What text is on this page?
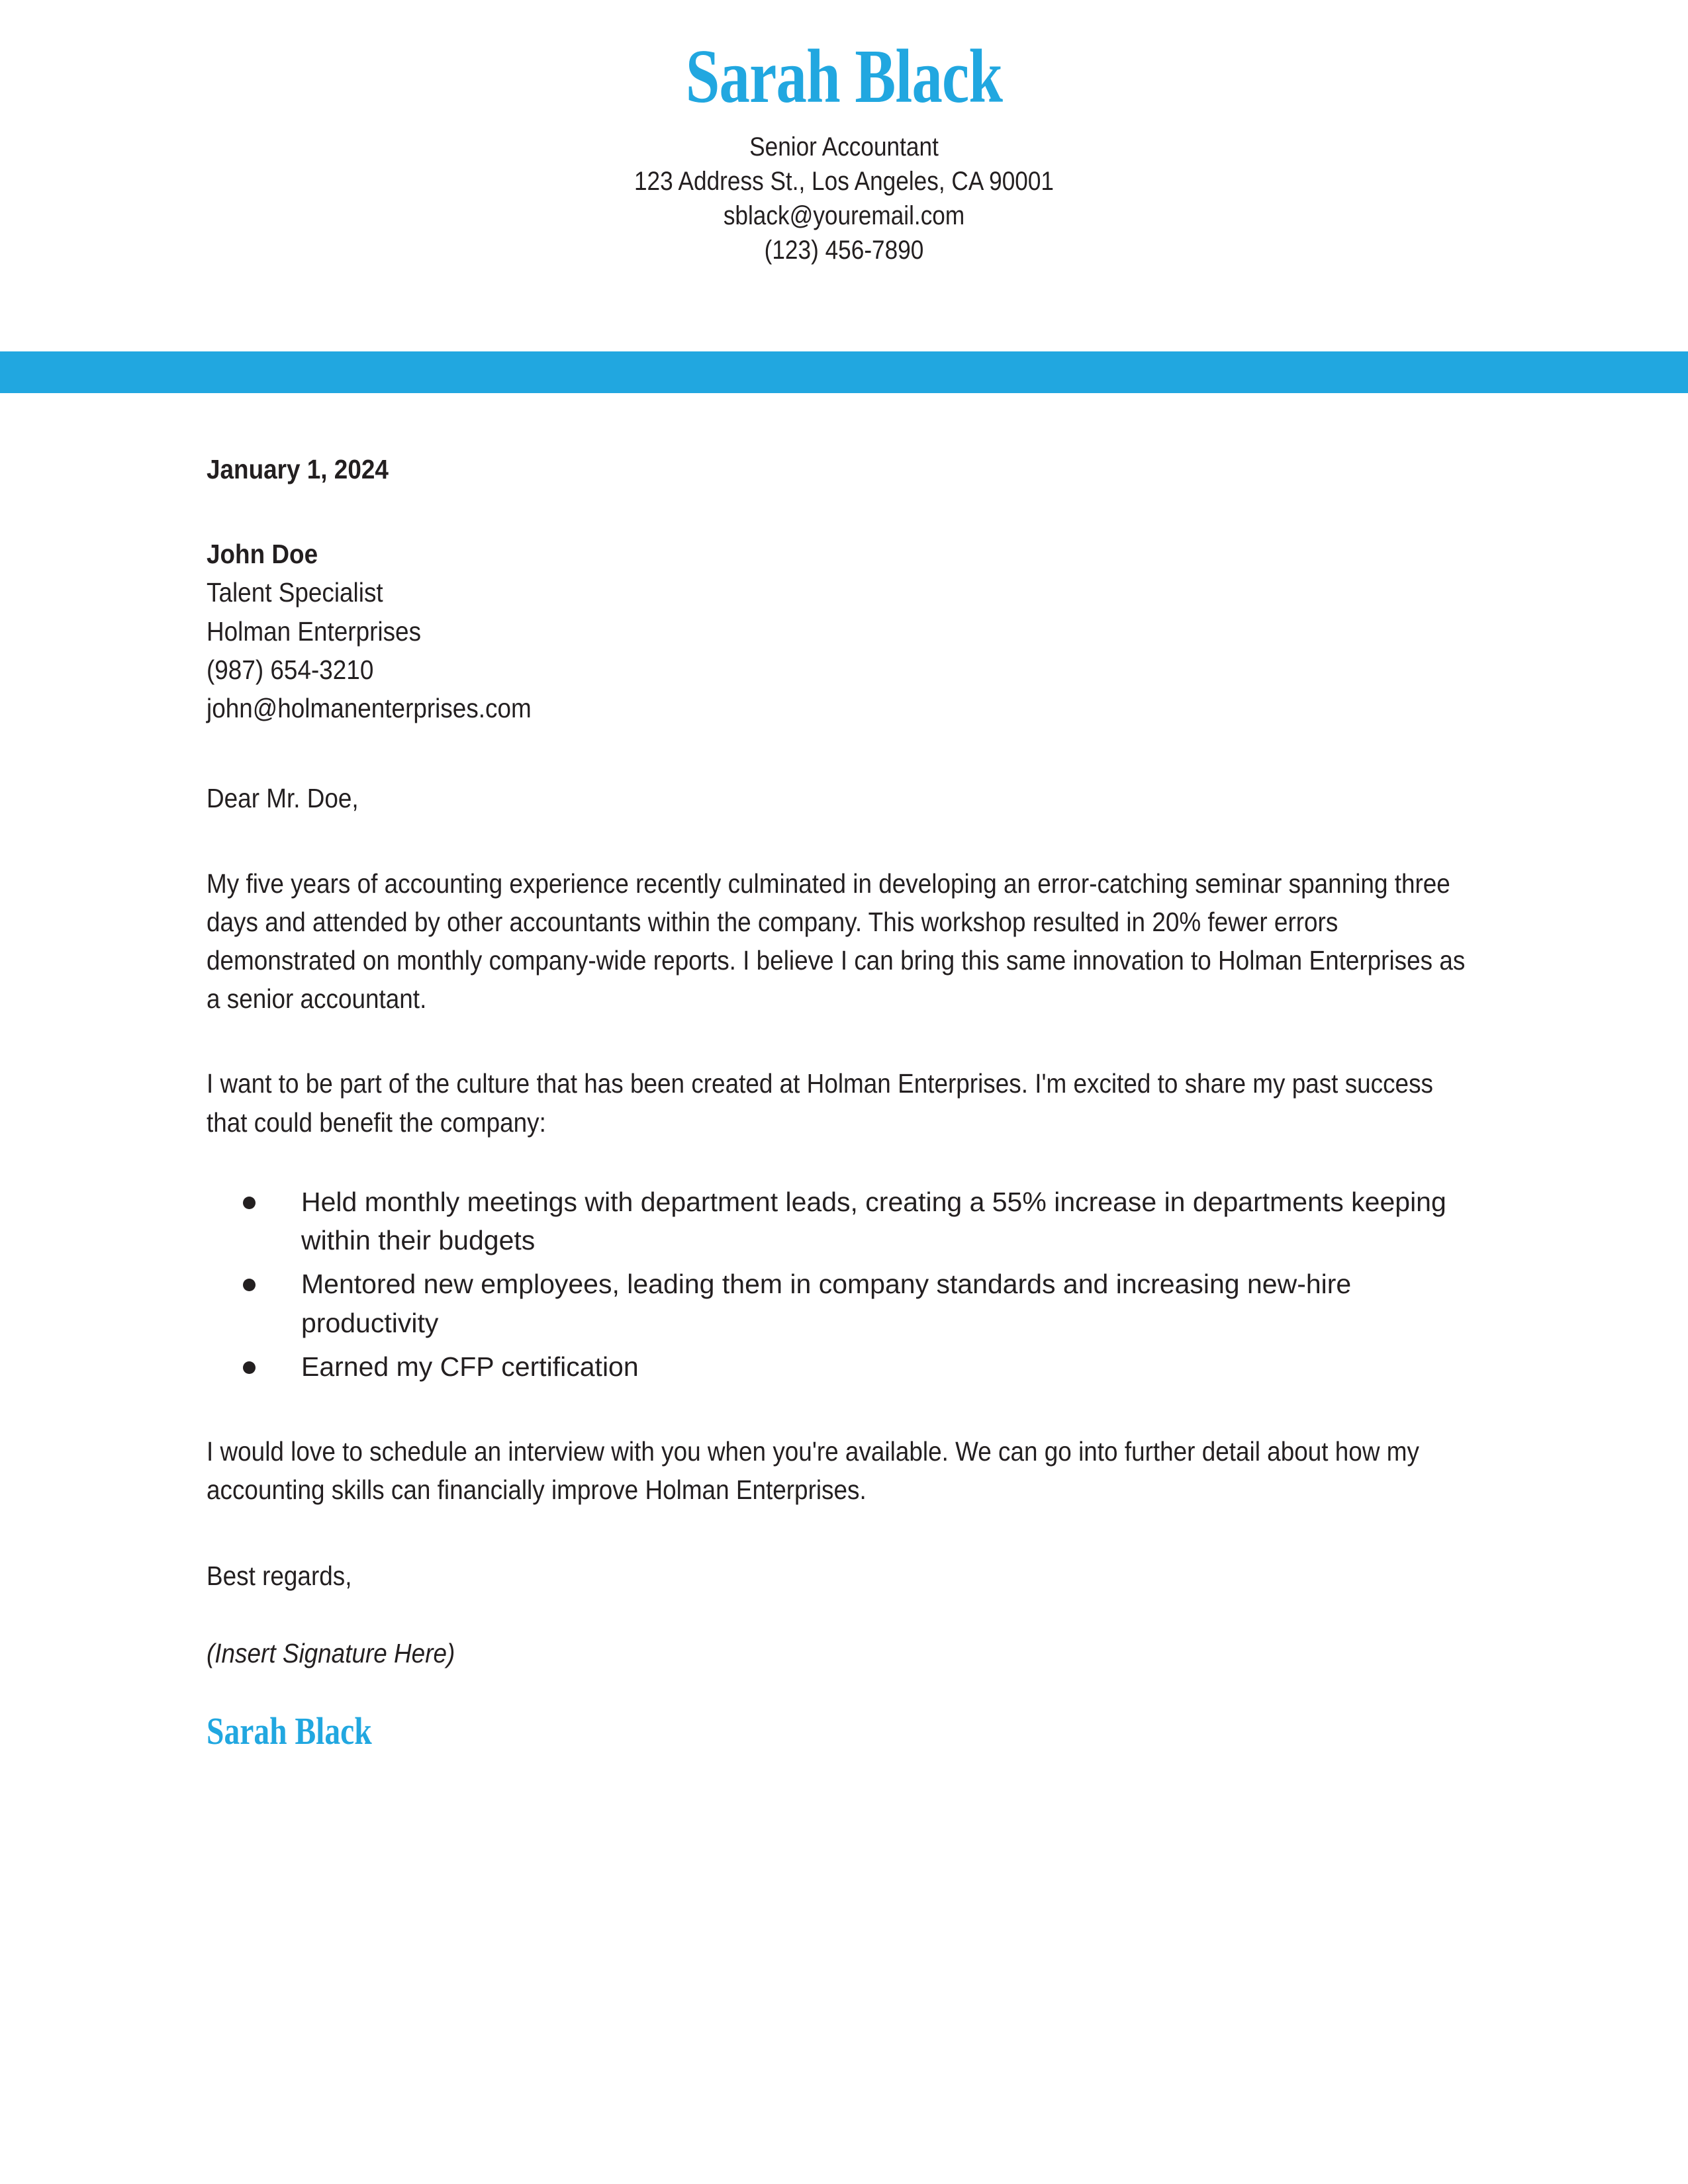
Sarah Black
Senior Accountant
123 Address St., Los Angeles, CA 90001
sblack@youremail.com
(123) 456-7890
January 1, 2024
John Doe
Talent Specialist
Holman Enterprises
(987) 654-3210
john@holmanenterprises.com
Dear Mr. Doe,
My five years of accounting experience recently culminated in developing an error-catching seminar spanning three days and attended by other accountants within the company. This workshop resulted in 20% fewer errors demonstrated on monthly company-wide reports. I believe I can bring this same innovation to Holman Enterprises as a senior accountant.
I want to be part of the culture that has been created at Holman Enterprises. I'm excited to share my past success that could benefit the company:
Held monthly meetings with department leads, creating a 55% increase in departments keeping within their budgets
Mentored new employees, leading them in company standards and increasing new-hire productivity
Earned my CFP certification
I would love to schedule an interview with you when you're available. We can go into further detail about how my accounting skills can financially improve Holman Enterprises.
Best regards,
(Insert Signature Here)
Sarah Black
